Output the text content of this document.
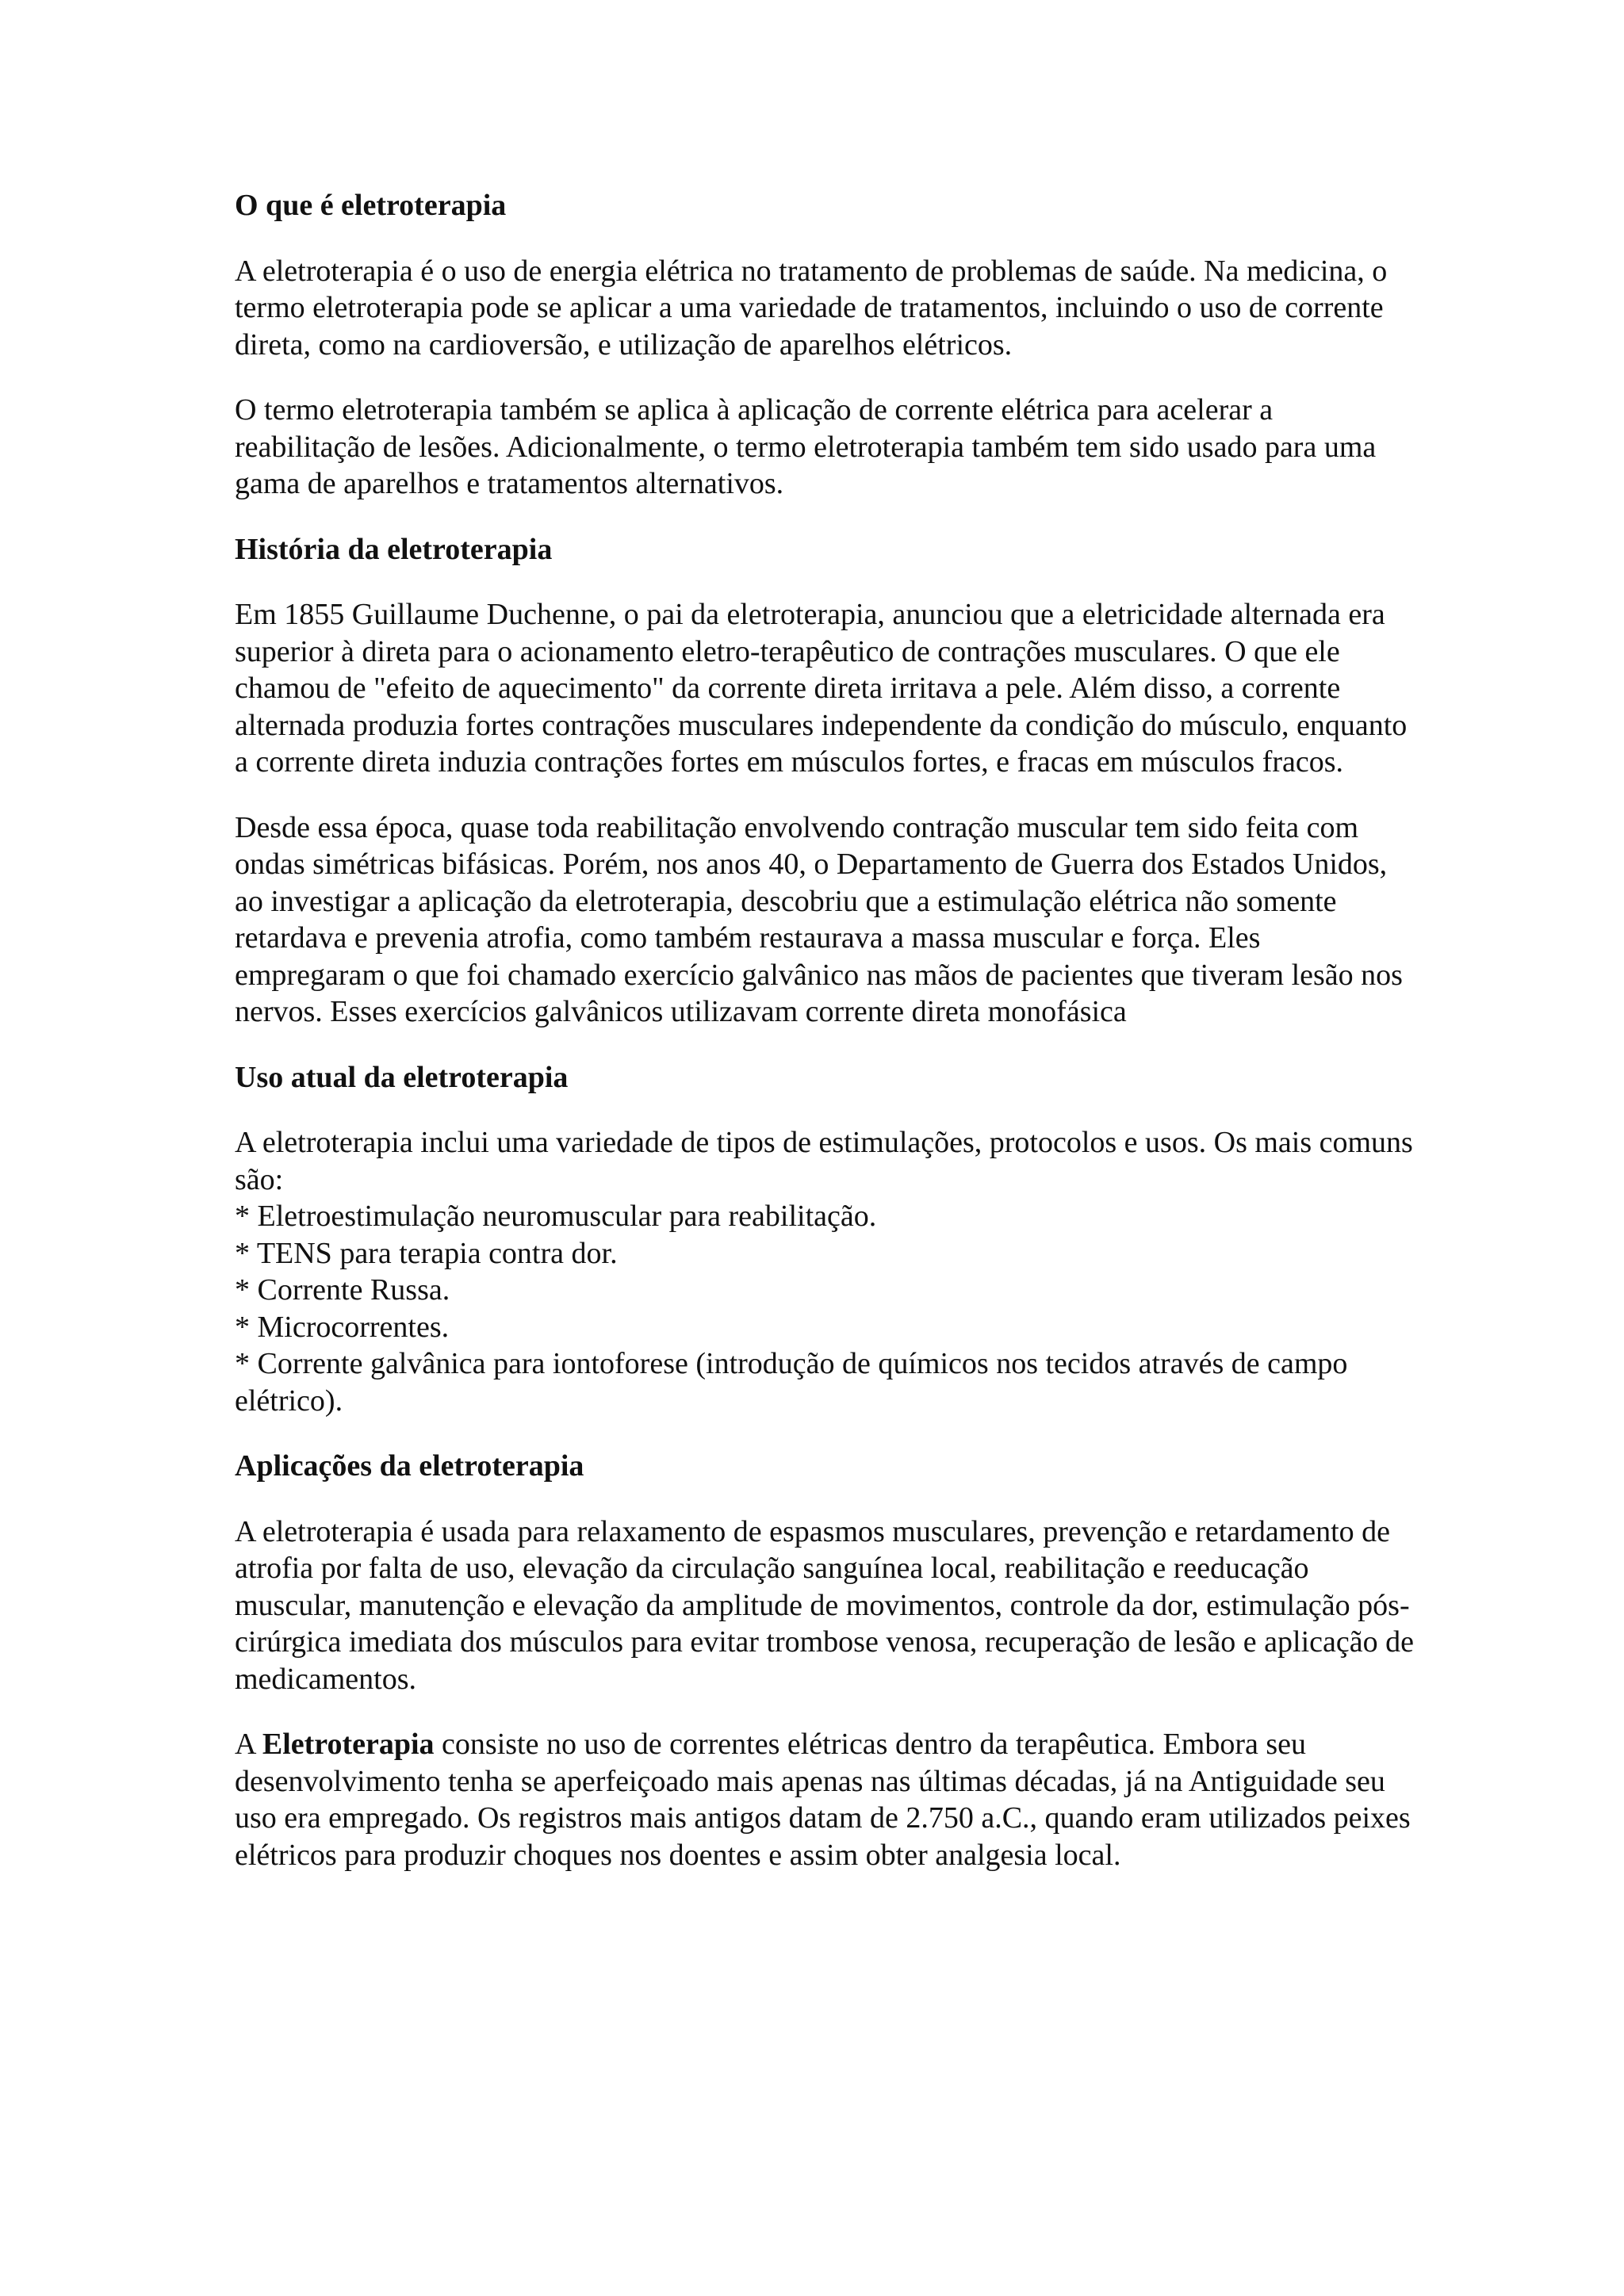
O que é eletroterapia

A eletroterapia é o uso de energia elétrica no tratamento de problemas de saúde. Na medicina, o termo eletroterapia pode se aplicar a uma variedade de tratamentos, incluindo o uso de corrente direta, como na cardioversão, e utilização de aparelhos elétricos.

O termo eletroterapia também se aplica à aplicação de corrente elétrica para acelerar a reabilitação de lesões. Adicionalmente, o termo eletroterapia também tem sido usado para uma gama de aparelhos e tratamentos alternativos.

História da eletroterapia

Em 1855 Guillaume Duchenne, o pai da eletroterapia, anunciou que a eletricidade alternada era superior à direta para o acionamento eletro-terapêutico de contrações musculares. O que ele chamou de "efeito de aquecimento" da corrente direta irritava a pele. Além disso, a corrente alternada produzia fortes contrações musculares independente da condição do músculo, enquanto a corrente direta induzia contrações fortes em músculos fortes, e fracas em músculos fracos.

Desde essa época, quase toda reabilitação envolvendo contração muscular tem sido feita com ondas simétricas bifásicas. Porém, nos anos 40, o Departamento de Guerra dos Estados Unidos, ao investigar a aplicação da eletroterapia, descobriu que a estimulação elétrica não somente retardava e prevenia atrofia, como também restaurava a massa muscular e força. Eles empregaram o que foi chamado exercício galvânico nas mãos de pacientes que tiveram lesão nos nervos. Esses exercícios galvânicos utilizavam corrente direta monofásica

Uso atual da eletroterapia

A eletroterapia inclui uma variedade de tipos de estimulações, protocolos e usos. Os mais comuns são:

* Eletroestimulação neuromuscular para reabilitação.
* TENS para terapia contra dor.
* Corrente Russa.
* Microcorrentes.
* Corrente galvânica para iontoforese (introdução de químicos nos tecidos através de campo elétrico).
Aplicações da eletroterapia

A eletroterapia é usada para relaxamento de espasmos musculares, prevenção e retardamento de atrofia por falta de uso, elevação da circulação sanguínea local, reabilitação e reeducação muscular, manutenção e elevação da amplitude de movimentos, controle da dor, estimulação pós-cirúrgica imediata dos músculos para evitar trombose venosa, recuperação de lesão e aplicação de medicamentos.

A Eletroterapia consiste no uso de correntes elétricas dentro da terapêutica. Embora seu desenvolvimento tenha se aperfeiçoado mais apenas nas últimas décadas, já na Antiguidade seu uso era empregado. Os registros mais antigos datam de 2.750 a.C., quando eram utilizados peixes elétricos para produzir choques nos doentes e assim obter analgesia local.
